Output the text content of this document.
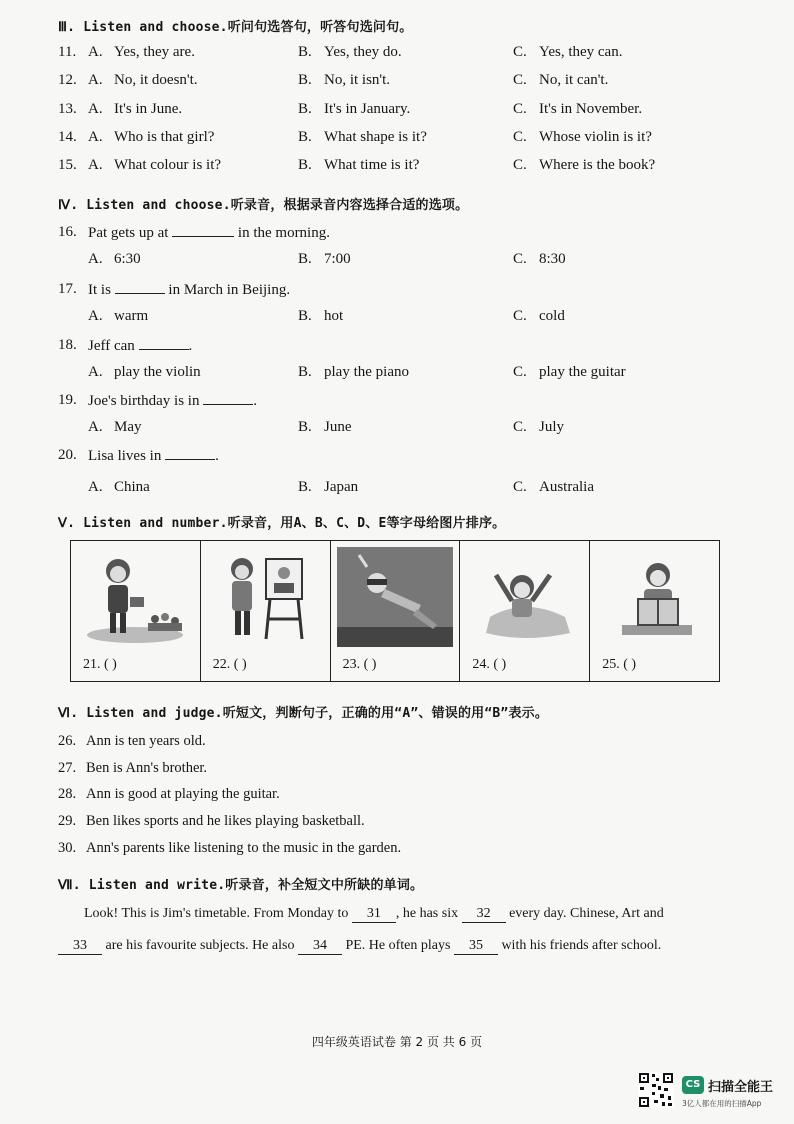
Ⅲ. Listen and choose.听问句选答句，听答句选问句。
11. A. Yes, they are.	B. Yes, they do.	C. Yes, they can.
12. A. No, it doesn't.	B. No, it isn't.	C. No, it can't.
13. A. It's in June.	B. It's in January.	C. It's in November.
14. A. Who is that girl?	B. What shape is it?	C. Whose violin is it?
15. A. What colour is it?	B. What time is it?	C. Where is the book?
Ⅳ. Listen and choose.听录音，根据录音内容选择合适的选项。
16. Pat gets up at	in the morning.
A. 6:30	B. 7:00	C. 8:30
17. It is	in March in Beijing.
A. warm	B. hot	C. cold
18. Jeff can	.
A. play the violin	B. play the piano	C. play the guitar
19. Joe's birthday is in	.
A. May	B. June	C. July
20. Lisa lives in	.
A. China	B. Japan	C. Australia
Ⅴ. Listen and number.听录音，用A、B、C、D、E等字母给图片排序。
21. ( )	22. ( )	23. ( )	24. ( )	25. ( )
Ⅵ. Listen and judge.听短文，判断句子，正确的用“A”、错误的用“B”表示。
26. Ann is ten years old.
27. Ben is Ann's brother.
28. Ann is good at playing the guitar.
29. Ben likes sports and he likes playing basketball.
30. Ann's parents like listening to the music in the garden.
Ⅶ. Listen and write.听录音，补全短文中所缺的单词。
Look! This is Jim's timetable. From Monday to 31 , he has six 32 every day. Chinese, Art and
33 are his favourite subjects. He also 34 PE. He often plays 35 with his friends after school.
四年级英语试卷 第 2 页 共 6 页
CS 扫描全能王
3亿人都在用的扫描App
